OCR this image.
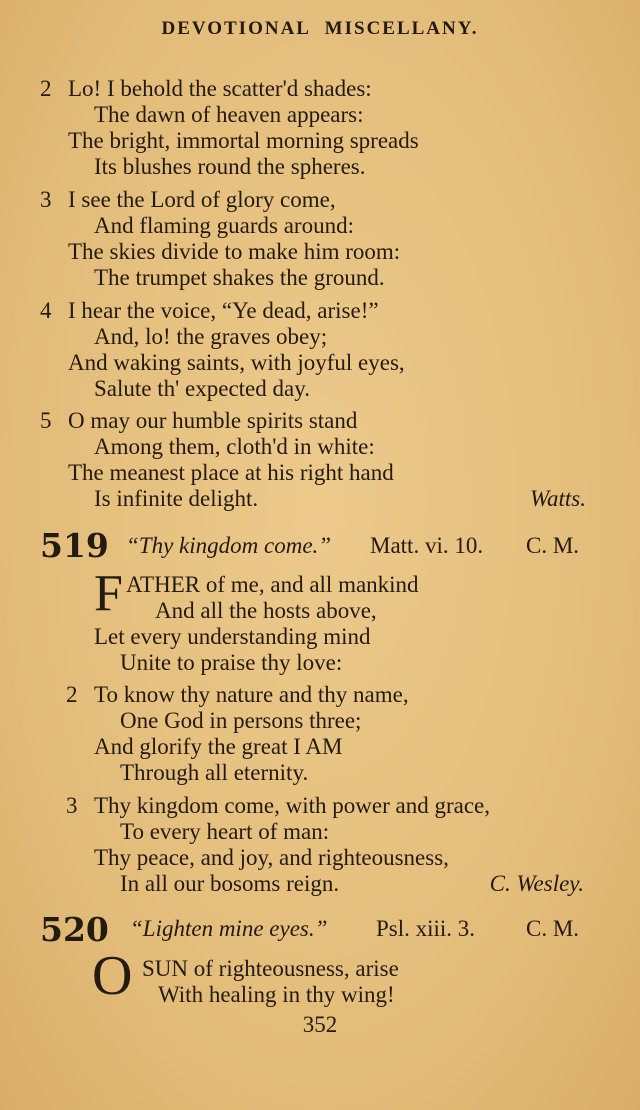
DEVOTIONAL MISCELLANY.
2 Lo! I behold the scatter'd shades:
The dawn of heaven appears:
The bright, immortal morning spreads
Its blushes round the spheres.
3 I see the Lord of glory come,
And flaming guards around:
The skies divide to make him room:
The trumpet shakes the ground.
4 I hear the voice, “Ye dead, arise!”
And, lo! the graves obey;
And waking saints, with joyful eyes,
Salute th' expected day.
5 O may our humble spirits stand
Among them, cloth'd in white:
The meanest place at his right hand
Is infinite delight.	Watts.
519 “Thy kingdom come.” Matt. vi. 10. C. M.
F ATHER of me, and all mankind
And all the hosts above,
Let every understanding mind
Unite to praise thy love:
2 To know thy nature and thy name,
One God in persons three;
And glorify the great I AM
Through all eternity.
3 Thy kingdom come, with power and grace,
To every heart of man:
Thy peace, and joy, and righteousness,
In all our bosoms reign.	C. Wesley.
520 “Lighten mine eyes.” Psl. xiii. 3. C. M.
O SUN of righteousness, arise
With healing in thy wing!
352
